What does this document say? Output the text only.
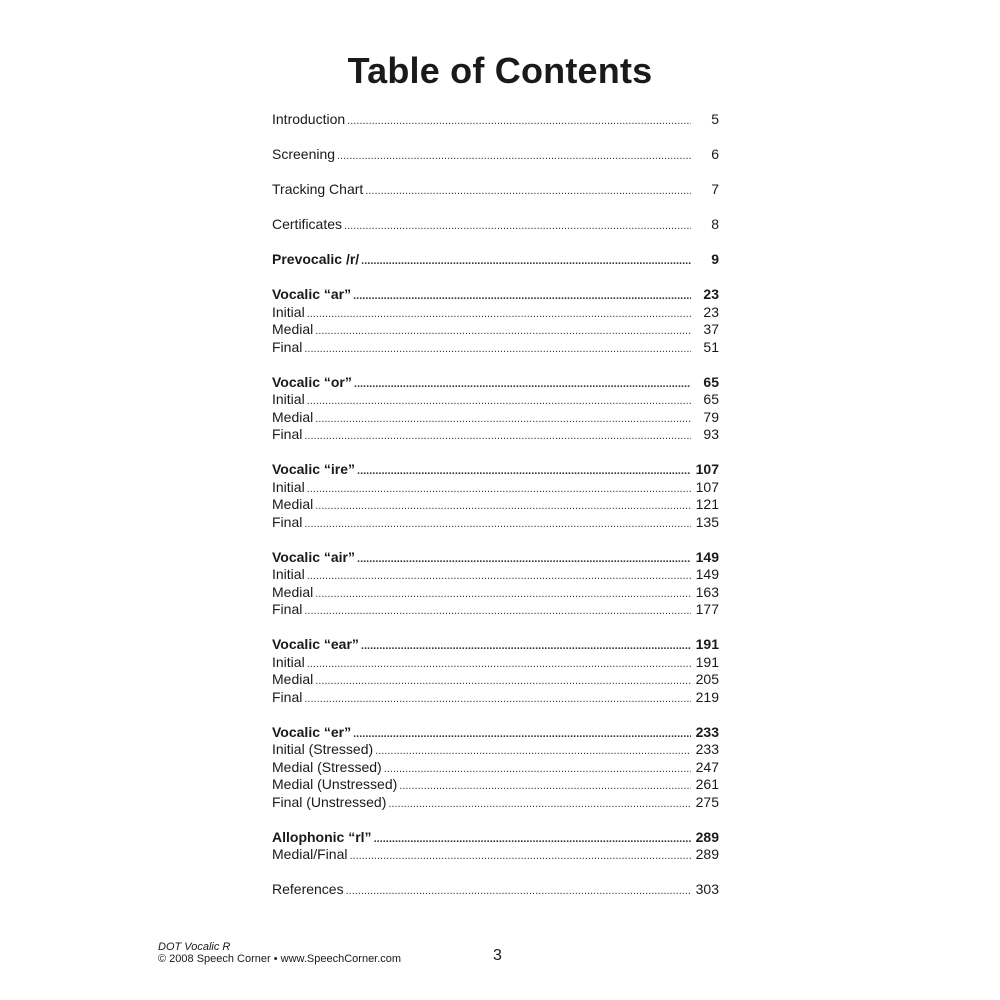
Table of Contents
Introduction .....	5
Screening .....	6
Tracking Chart .....	7
Certificates .....	8
Prevocalic /r/ .....	9
Vocalic “ar” .....	23
Initial .....	23
Medial .....	37
Final .....	51
Vocalic “or” .....	65
Initial .....	65
Medial .....	79
Final .....	93
Vocalic “ire” .....	107
Initial .....	107
Medial .....	121
Final .....	135
Vocalic “air” .....	149
Initial .....	149
Medial .....	163
Final .....	177
Vocalic “ear” .....	191
Initial .....	191
Medial .....	205
Final .....	219
Vocalic “er” .....	233
Initial (Stressed) .....	233
Medial (Stressed) .....	247
Medial (Unstressed) .....	261
Final (Unstressed) .....	275
Allophonic “rl” .....	289
Medial/Final .....	289
References .....	303
DOT Vocalic R
© 2008 Speech Corner • www.SpeechCorner.com	3
